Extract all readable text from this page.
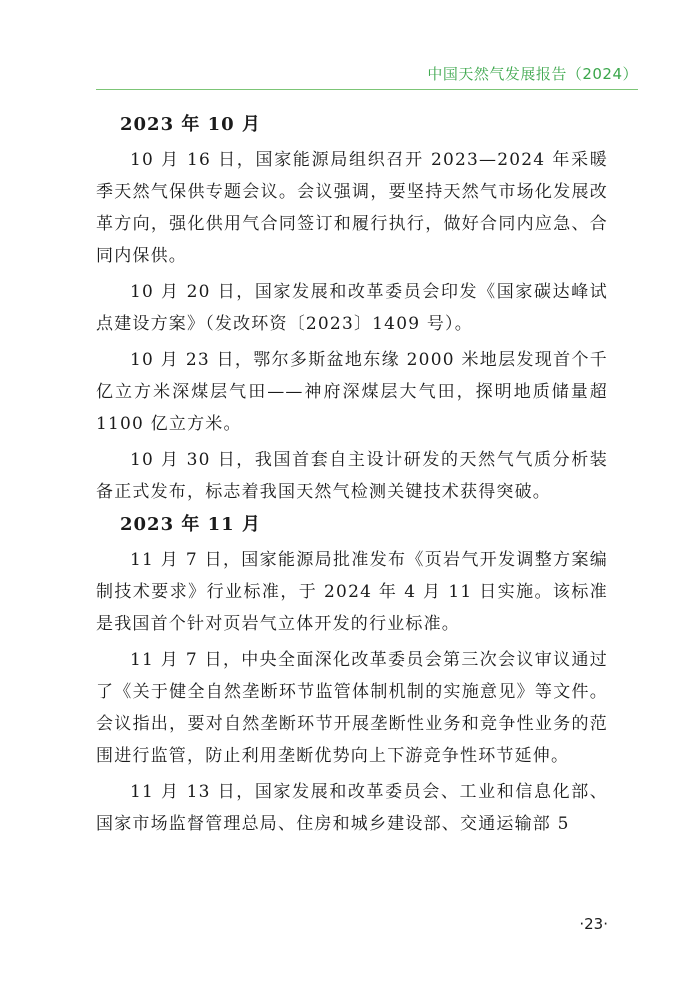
中国天然气发展报告（2024）
2023 年 10 月

10 月 16 日，国家能源局组织召开 2023—2024 年采暖季天然气保供专题会议。会议强调，要坚持天然气市场化发展改革方向，强化供用气合同签订和履行执行，做好合同内应急、合同内保供。

10 月 20 日，国家发展和改革委员会印发《国家碳达峰试点建设方案》（发改环资〔2023〕1409 号）。

10 月 23 日，鄂尔多斯盆地东缘 2000 米地层发现首个千亿立方米深煤层气田——神府深煤层大气田，探明地质储量超 1100 亿立方米。

10 月 30 日，我国首套自主设计研发的天然气气质分析装备正式发布，标志着我国天然气检测关键技术获得突破。

2023 年 11 月

11 月 7 日，国家能源局批准发布《页岩气开发调整方案编制技术要求》行业标准，于 2024 年 4 月 11 日实施。该标准是我国首个针对页岩气立体开发的行业标准。

11 月 7 日，中央全面深化改革委员会第三次会议审议通过了《关于健全自然垄断环节监管体制机制的实施意见》等文件。会议指出，要对自然垄断环节开展垄断性业务和竞争性业务的范围进行监管，防止利用垄断优势向上下游竞争性环节延伸。

11 月 13 日，国家发展和改革委员会、工业和信息化部、国家市场监督管理总局、住房和城乡建设部、交通运输部 5

·23·
